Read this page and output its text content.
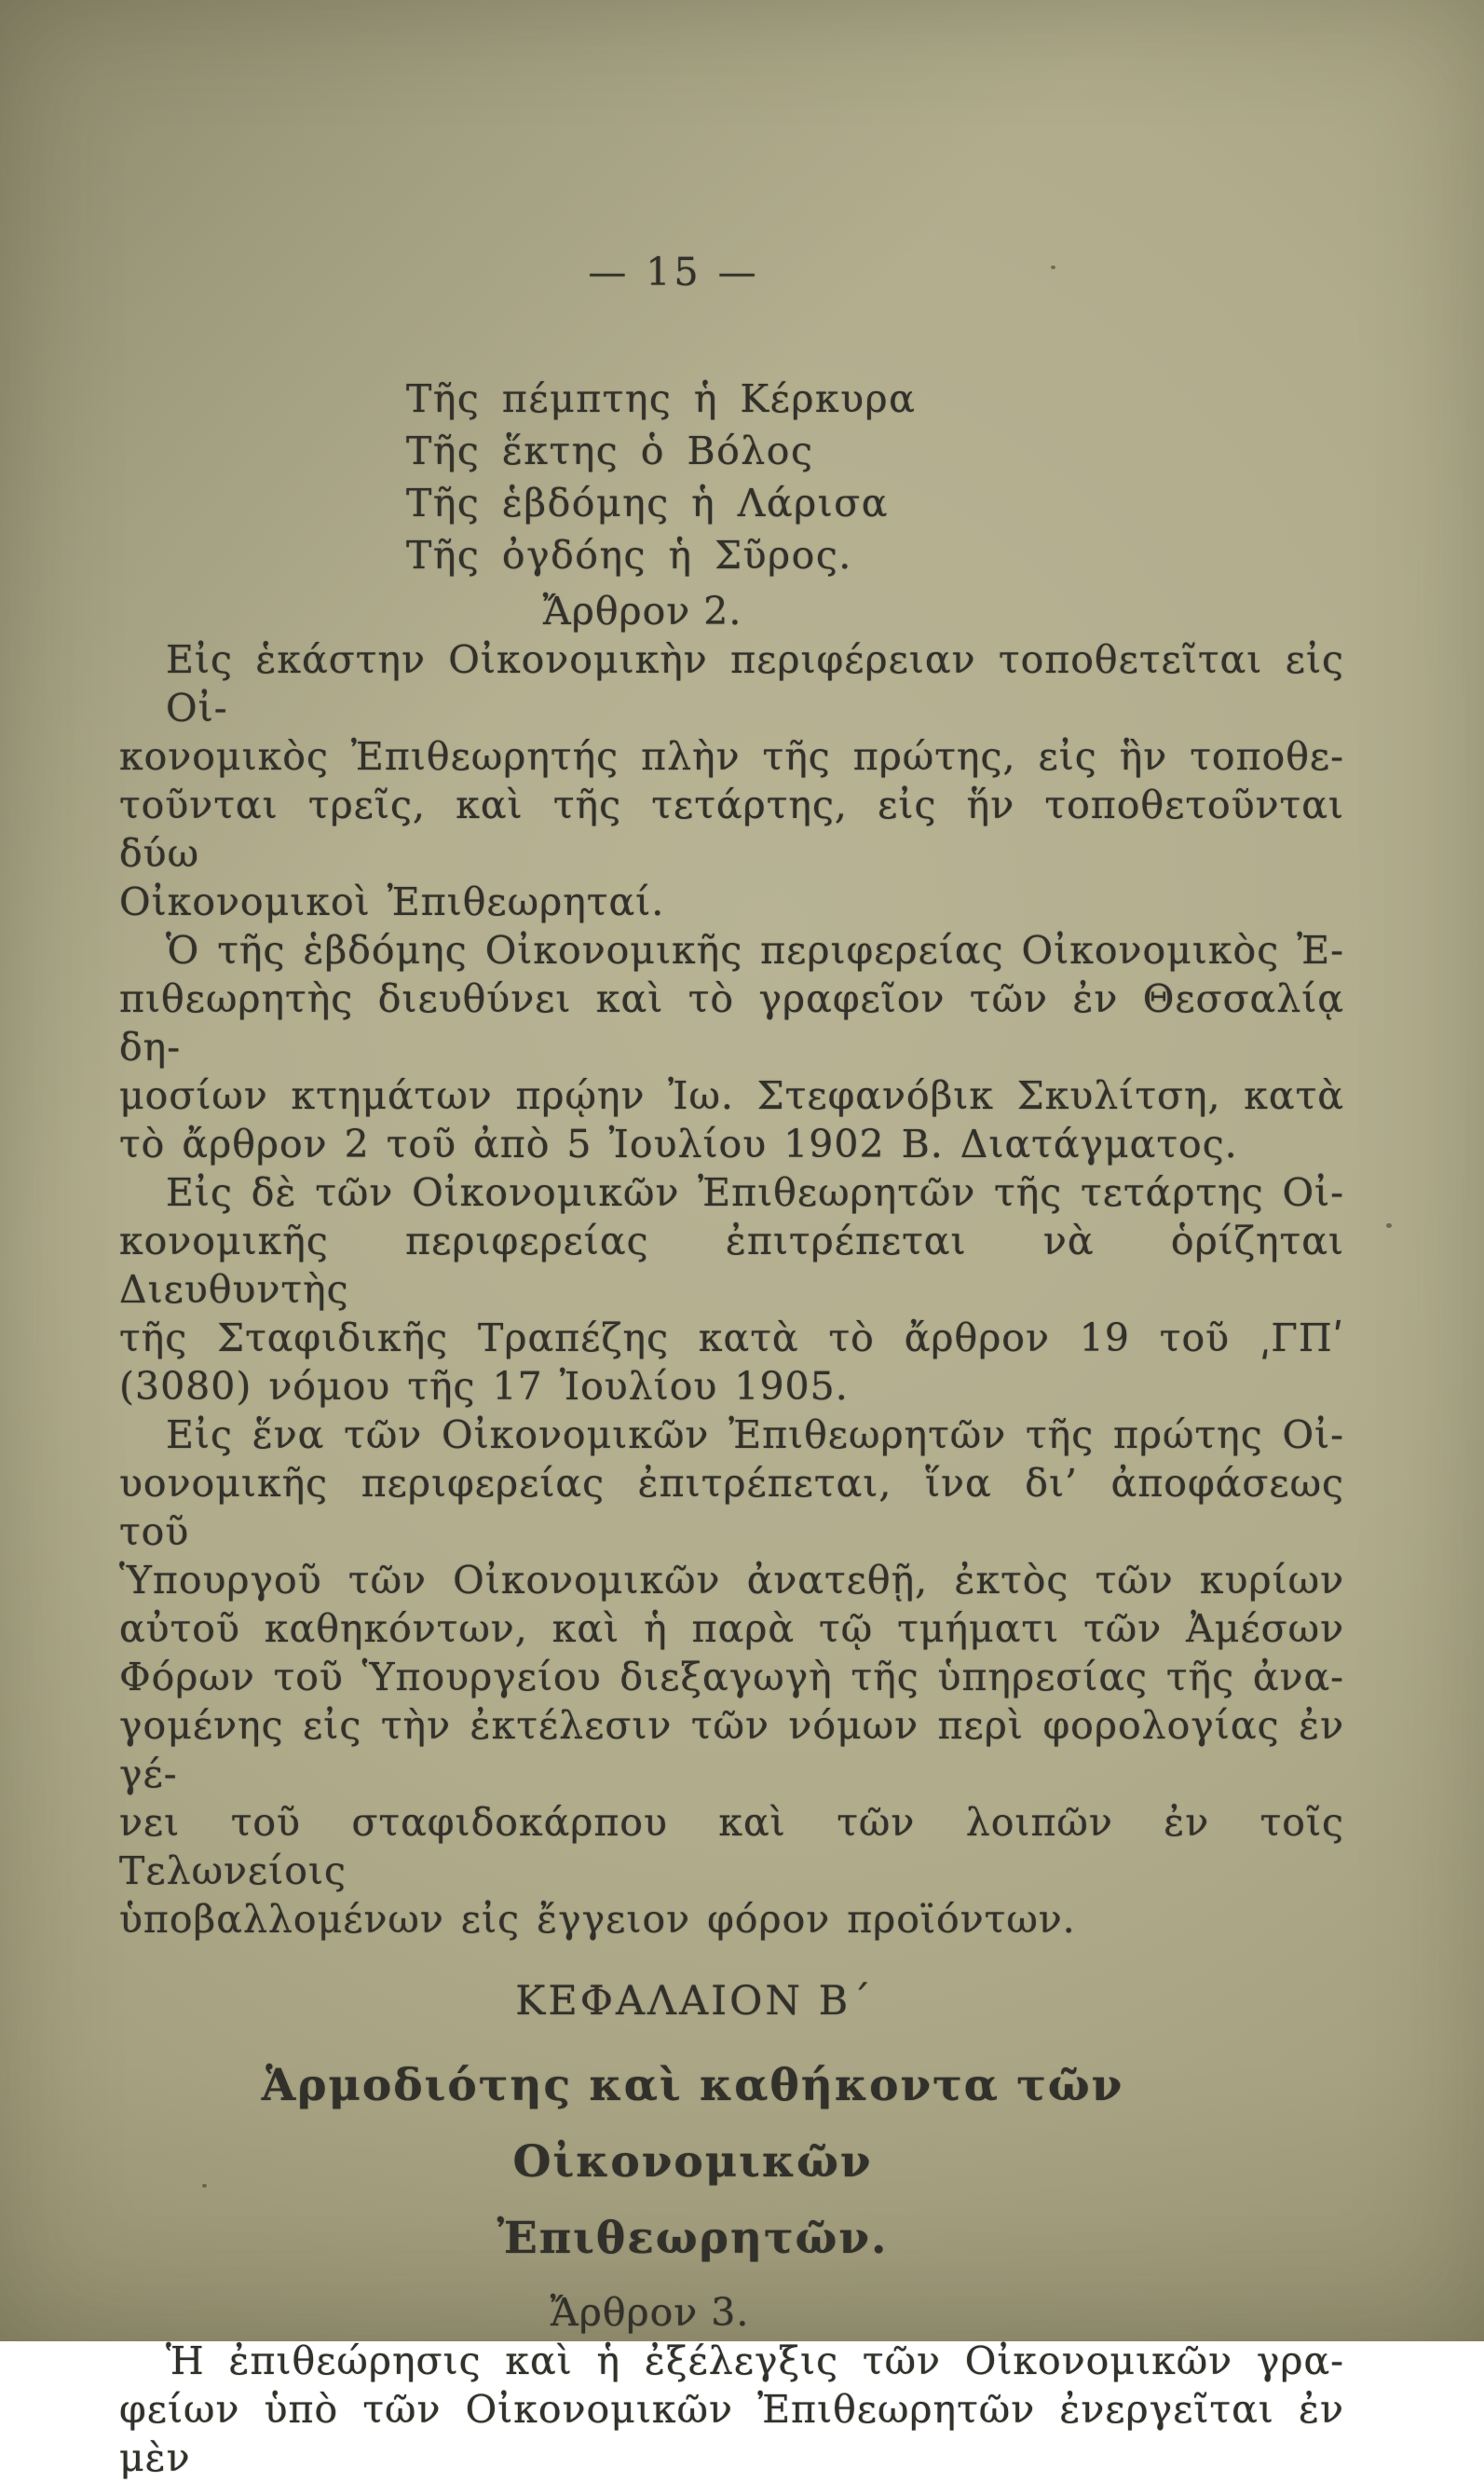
— 15 —
Τῆς πέμπτης ἡ Κέρκυρα
Τῆς ἕκτης ὁ Βόλος
Τῆς ἑβδόμης ἡ Λάρισα
Τῆς ὀγδόης ἡ Σῦρος.
Ἄρθρον 2.
Εἰς ἑκάστην Οἰκονομικὴν περιφέρειαν τοποθετεῖται εἰς Οἰ-
κονομικὸς Ἐπιθεωρητής πλὴν τῆς πρώτης, εἰς ἣν τοποθε-
τοῦνται τρεῖς, καὶ τῆς τετάρτης, εἰς ἥν τοποθετοῦνται δύω
Οἰκονομικοὶ Ἐπιθεωρηταί.
Ὁ τῆς ἑβδόμης Οἰκονομικῆς περιφερείας Οἰκονομικὸς Ἐ-
πιθεωρητὴς διευθύνει καὶ τὸ γραφεῖον τῶν ἐν Θεσσαλίᾳ δη-
μοσίων κτημάτων πρῴην Ἰω. Στεφανόβικ Σκυλίτση, κατὰ
τὸ ἄρθρον 2 τοῦ ἀπὸ 5 Ἰουλίου 1902 Β. Διατάγματος.
Εἰς δὲ τῶν Οἰκονομικῶν Ἐπιθεωρητῶν τῆς τετάρτης Οἰ-
κονομικῆς περιφερείας ἐπιτρέπεται νὰ ὁρίζηται Διευθυντὴς
τῆς Σταφιδικῆς Τραπέζης κατὰ τὸ ἄρθρον 19 τοῦ ͵ΓΠʹ
(3080) νόμου τῆς 17 Ἰουλίου 1905.
Εἰς ἕνα τῶν Οἰκονομικῶν Ἐπιθεωρητῶν τῆς πρώτης Οἰ-
υονομικῆς περιφερείας ἐπιτρέπεται, ἵνα δι’ ἀποφάσεως τοῦ
Ὑπουργοῦ τῶν Οἰκονομικῶν ἀνατεθῇ, ἐκτὸς τῶν κυρίων
αὐτοῦ καθηκόντων, καὶ ἡ παρὰ τῷ τμήματι τῶν Ἀμέσων
Φόρων τοῦ Ὑπουργείου διεξαγωγὴ τῆς ὑπηρεσίας τῆς ἀνα-
γομένης εἰς τὴν ἐκτέλεσιν τῶν νόμων περὶ φορολογίας ἐν γέ-
νει τοῦ σταφιδοκάρπου καὶ τῶν λοιπῶν ἐν τοῖς Τελωνείοις
ὑποβαλλομένων εἰς ἔγγειον φόρον προϊόντων.
ΚΕΦΑΛΑΙΟΝ Β´
Ἁρμοδιότης καὶ καθήκοντα τῶν Οἰκονομικῶν
Ἐπιθεωρητῶν.
Ἄρθρον 3.
Ἡ ἐπιθεώρησις καὶ ἡ ἐξέλεγξις τῶν Οἰκονομικῶν γρα-
φείων ὑπὸ τῶν Οἰκονομικῶν Ἐπιθεωρητῶν ἐνεργεῖται ἐν μὲν
